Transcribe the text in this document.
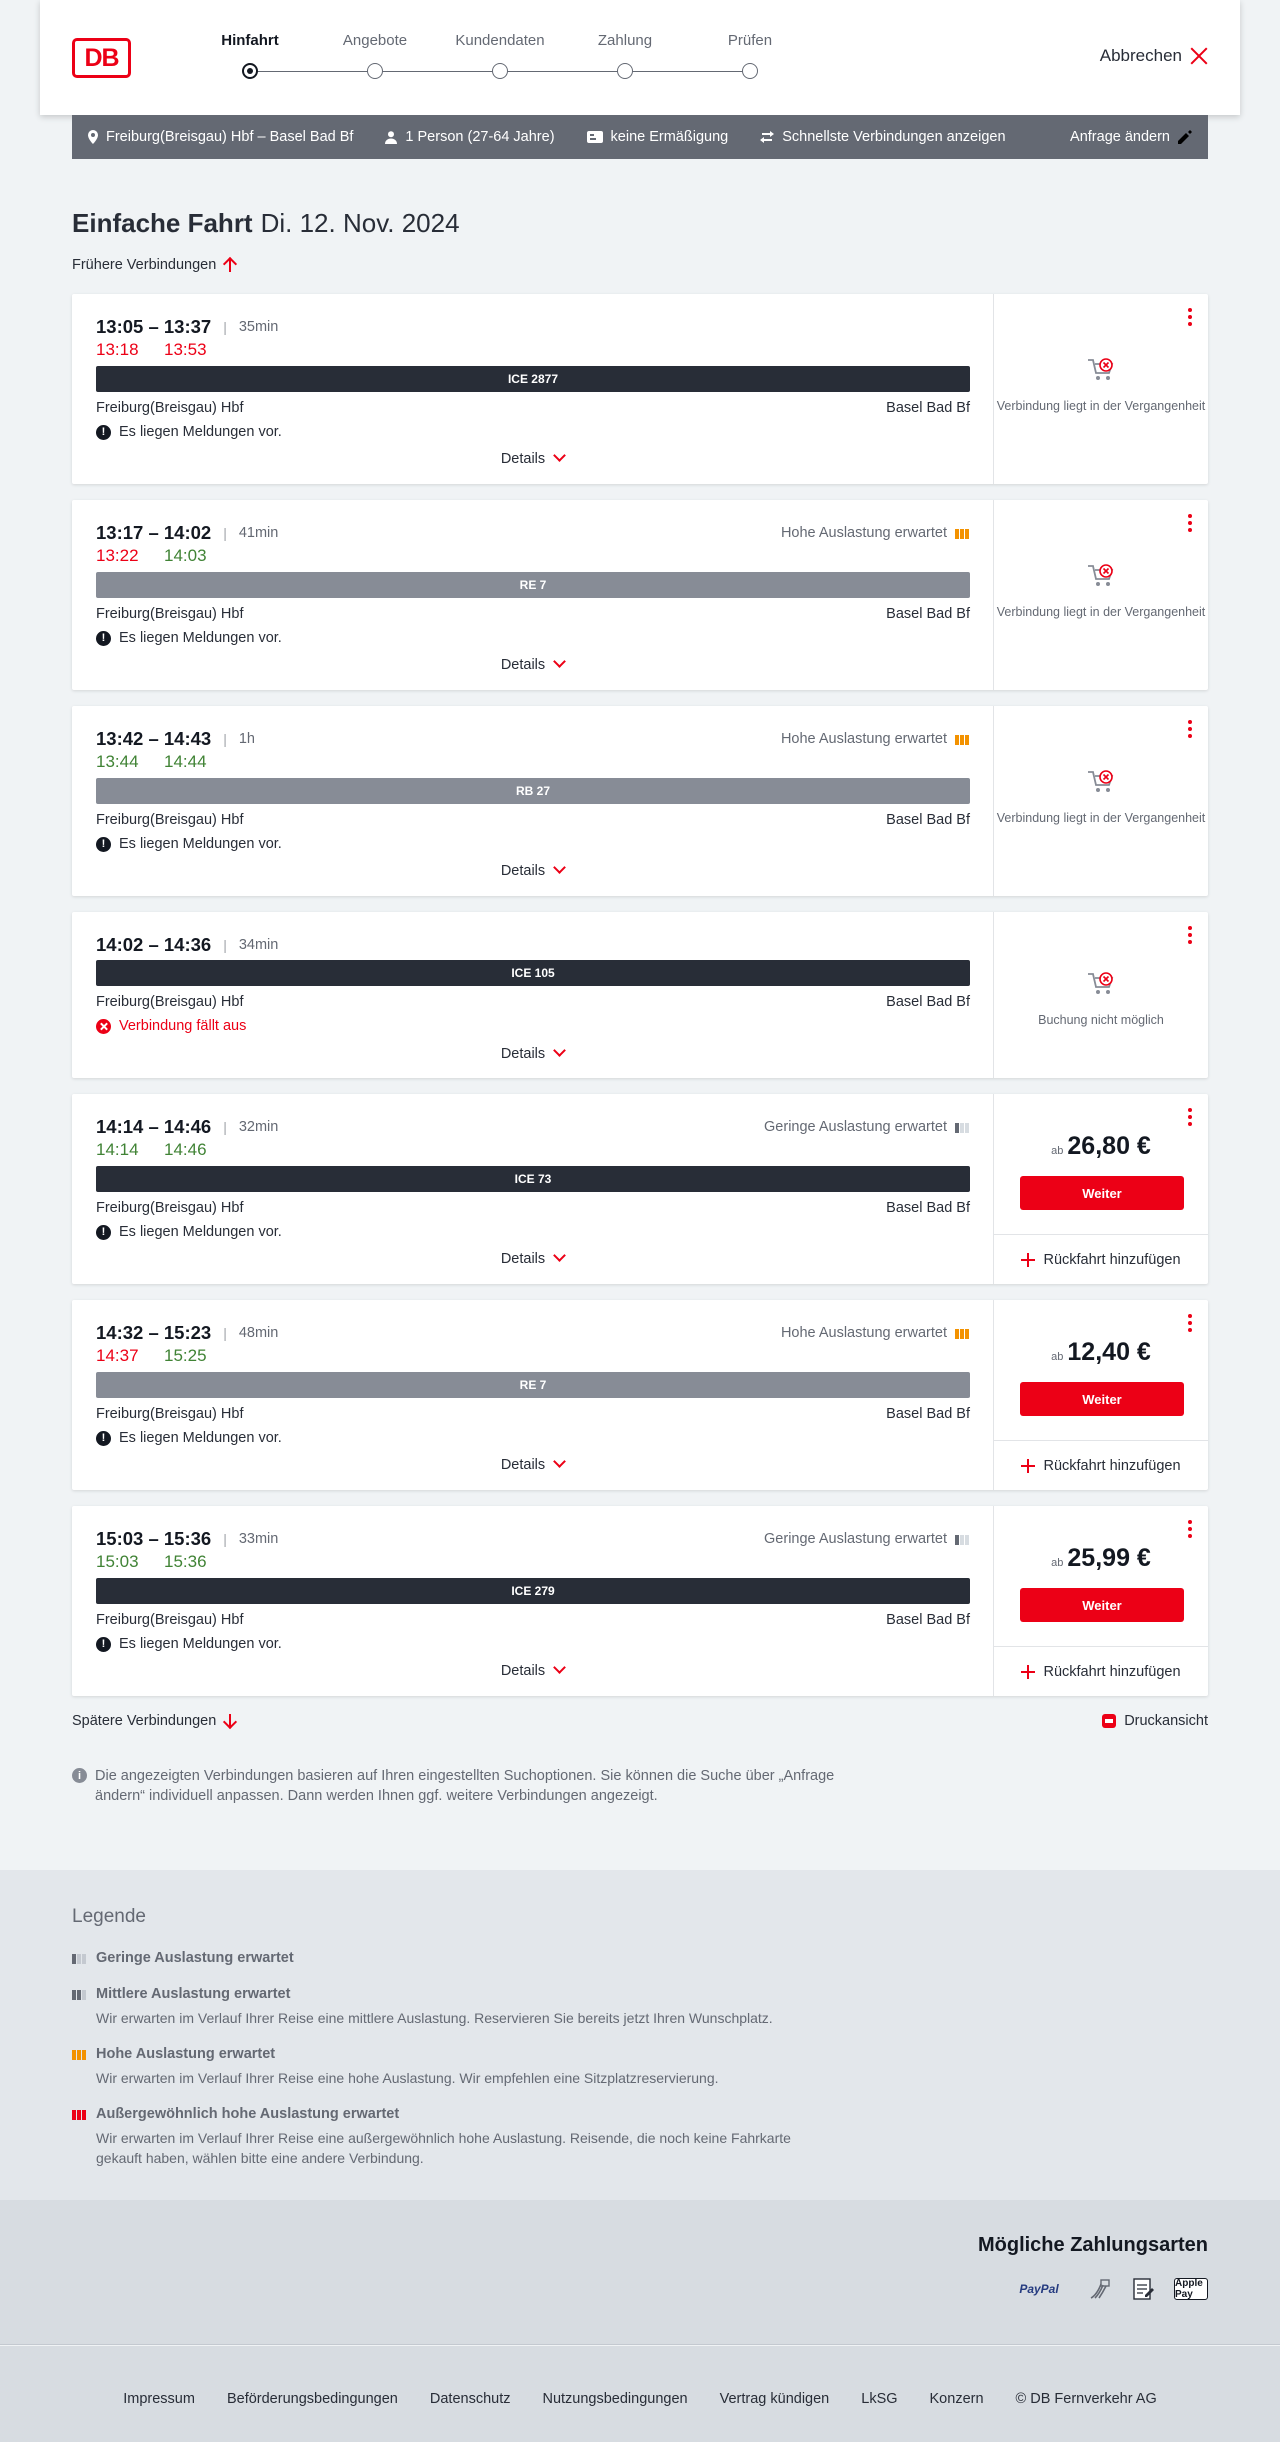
DB
Hinfahrt	Angebote	Kundendaten	Zahlung	Prüfen
Abbrechen
Freiburg(Breisgau) Hbf – Basel Bad Bf	1 Person (27-64 Jahre)	keine Ermäßigung	Schnellste Verbindungen anzeigen	Anfrage ändern
Einfache Fahrt Di. 12. Nov. 2024
Frühere Verbindungen
13:05 – 13:37 | 35min
13:18	13:53
ICE 2877
Freiburg(Breisgau) Hbf	Basel Bad Bf
! Es liegen Meldungen vor.
Details
Verbindung liegt in der Vergangenheit
13:17 – 14:02 | 41min	Hohe Auslastung erwartet
13:22	14:03
RE 7
Freiburg(Breisgau) Hbf	Basel Bad Bf
! Es liegen Meldungen vor.
Details
Verbindung liegt in der Vergangenheit
13:42 – 14:43 | 1h	Hohe Auslastung erwartet
13:44	14:44
RB 27
Freiburg(Breisgau) Hbf	Basel Bad Bf
! Es liegen Meldungen vor.
Details
Verbindung liegt in der Vergangenheit
14:02 – 14:36 | 34min
ICE 105
Freiburg(Breisgau) Hbf	Basel Bad Bf
Verbindung fällt aus
Details
Buchung nicht möglich
14:14 – 14:46 | 32min	Geringe Auslastung erwartet
14:14	14:46
ICE 73
Freiburg(Breisgau) Hbf	Basel Bad Bf
! Es liegen Meldungen vor.
Details
ab 26,80 €
Weiter
Rückfahrt hinzufügen
14:32 – 15:23 | 48min	Hohe Auslastung erwartet
14:37	15:25
RE 7
Freiburg(Breisgau) Hbf	Basel Bad Bf
! Es liegen Meldungen vor.
Details
ab 12,40 €
Weiter
Rückfahrt hinzufügen
15:03 – 15:36 | 33min	Geringe Auslastung erwartet
15:03	15:36
ICE 279
Freiburg(Breisgau) Hbf	Basel Bad Bf
! Es liegen Meldungen vor.
Details
ab 25,99 €
Weiter
Rückfahrt hinzufügen
Spätere Verbindungen	Druckansicht
i Die angezeigten Verbindungen basieren auf Ihren eingestellten Suchoptionen. Sie können die Suche über „Anfrage ändern“ individuell anpassen. Dann werden Ihnen ggf. weitere Verbindungen angezeigt.
Legende
Geringe Auslastung erwartet
Mittlere Auslastung erwartet
Wir erwarten im Verlauf Ihrer Reise eine mittlere Auslastung. Reservieren Sie bereits jetzt Ihren Wunschplatz.
Hohe Auslastung erwartet
Wir erwarten im Verlauf Ihrer Reise eine hohe Auslastung. Wir empfehlen eine Sitzplatzreservierung.
Außergewöhnlich hohe Auslastung erwartet
Wir erwarten im Verlauf Ihrer Reise eine außergewöhnlich hohe Auslastung. Reisende, die noch keine Fahrkarte gekauft haben, wählen bitte eine andere Verbindung.
Mögliche Zahlungsarten
PayPal	Apple Pay
Impressum Beförderungsbedingungen Datenschutz Nutzungsbedingungen Vertrag kündigen LkSG Konzern © DB Fernverkehr AG
